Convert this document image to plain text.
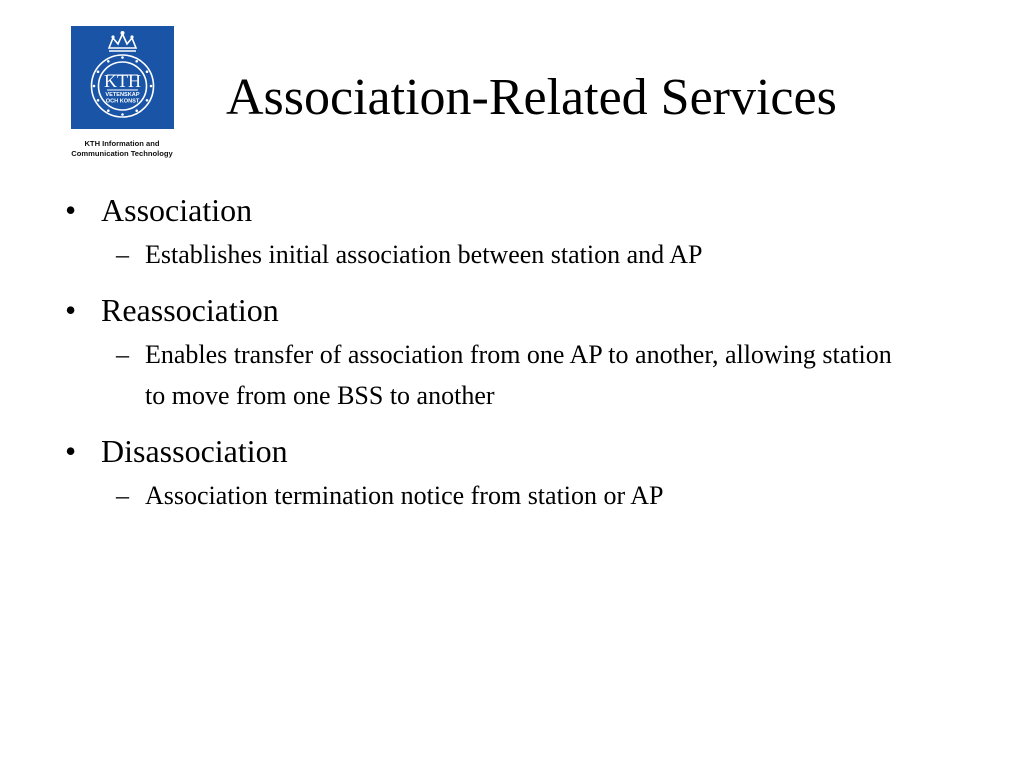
KTH
VETENSKAP
OCH KONST
KTH Information and
Communication Technology
Association-Related Services
• Association
– Establishes initial association between station and AP
• Reassociation
– Enables transfer of association from one AP to another, allowing station to move from one BSS to another
• Disassociation
– Association termination notice from station or AP
